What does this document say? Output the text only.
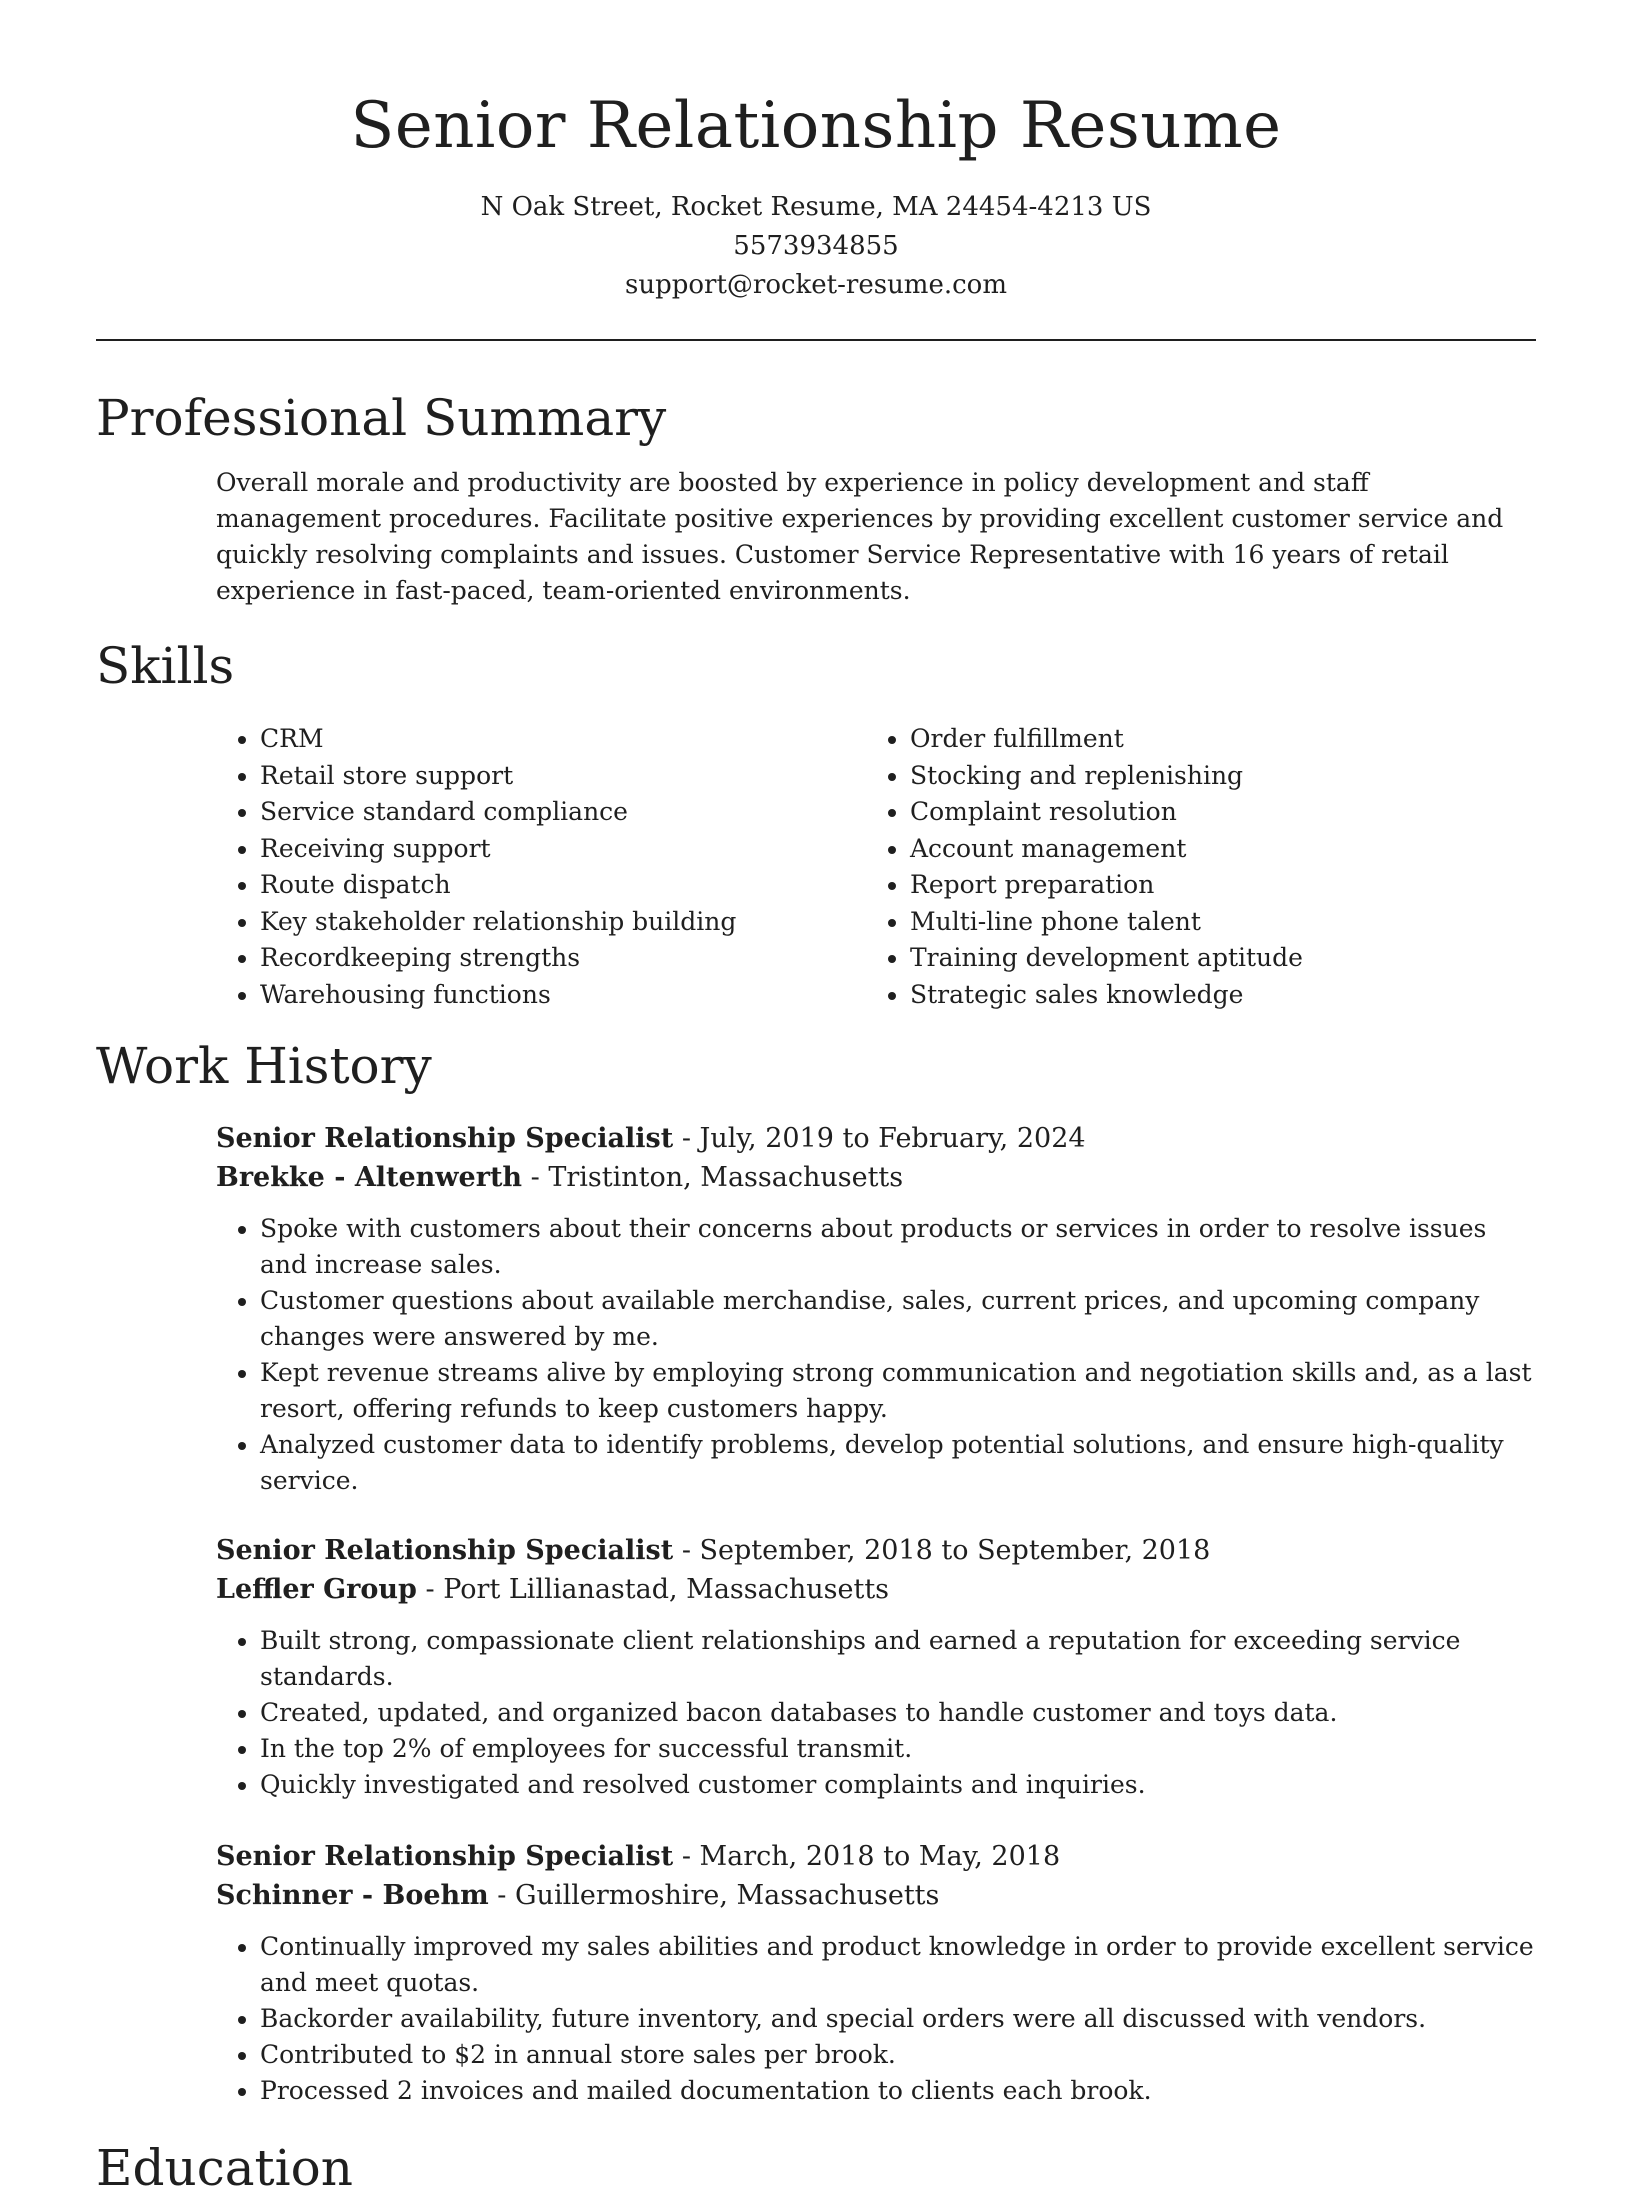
Senior Relationship Resume
N Oak Street, Rocket Resume, MA 24454-4213 US
5573934855
support@rocket-resume.com
Professional Summary

Overall morale and productivity are boosted by experience in policy development and staff management procedures. Facilitate positive experiences by providing excellent customer service and quickly resolving complaints and issues. Customer Service Representative with 16 years of retail experience in fast-paced, team-oriented environments.

Skills
• CRM
• Retail store support
• Service standard compliance
• Receiving support
• Route dispatch
• Key stakeholder relationship building
• Recordkeeping strengths
• Warehousing functions
• Order fulfillment
• Stocking and replenishing
• Complaint resolution
• Account management
• Report preparation
• Multi-line phone talent
• Training development aptitude
• Strategic sales knowledge
Work History
Senior Relationship Specialist - July, 2019 to February, 2024
Brekke - Altenwerth - Tristinton, Massachusetts
• Spoke with customers about their concerns about products or services in order to resolve issues and increase sales.
• Customer questions about available merchandise, sales, current prices, and upcoming company changes were answered by me.
• Kept revenue streams alive by employing strong communication and negotiation skills and, as a last resort, offering refunds to keep customers happy.
• Analyzed customer data to identify problems, develop potential solutions, and ensure high-quality service.
Senior Relationship Specialist - September, 2018 to September, 2018
Leffler Group - Port Lillianastad, Massachusetts
• Built strong, compassionate client relationships and earned a reputation for exceeding service standards.
• Created, updated, and organized bacon databases to handle customer and toys data.
• In the top 2% of employees for successful transmit.
• Quickly investigated and resolved customer complaints and inquiries.
Senior Relationship Specialist - March, 2018 to May, 2018
Schinner - Boehm - Guillermoshire, Massachusetts
• Continually improved my sales abilities and product knowledge in order to provide excellent service and meet quotas.
• Backorder availability, future inventory, and special orders were all discussed with vendors.
• Contributed to $2 in annual store sales per brook.
• Processed 2 invoices and mailed documentation to clients each brook.
Education
